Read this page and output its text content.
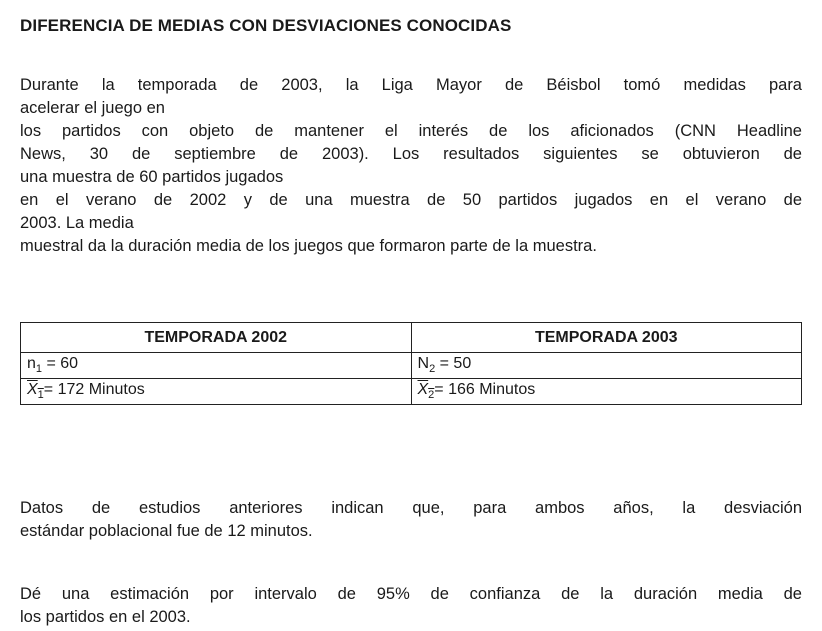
DIFERENCIA DE MEDIAS CON DESVIACIONES CONOCIDAS
Durante la temporada de 2003, la Liga Mayor de Béisbol tomó medidas para
acelerar el juego en
los partidos con objeto de mantener el interés de los aficionados (CNN Headline
News, 30 de septiembre de 2003). Los resultados siguientes se obtuvieron de
una muestra de 60 partidos jugados
en el verano de 2002 y de una muestra de 50 partidos jugados en el verano de
2003. La media
muestral da la duración media de los juegos que formaron parte de la muestra.
TEMPORADA 2002	TEMPORADA 2003
$n_1 = 60$	$N_2 = 50$
$\overline{X}_1= 172$ Minutos	$\overline{X}_2= 166$ Minutos
Datos de estudios anteriores indican que, para ambos años, la desviación
estándar poblacional fue de 12 minutos.
Dé una estimación por intervalo de 95% de confianza de la duración media de
los partidos en el 2003.
